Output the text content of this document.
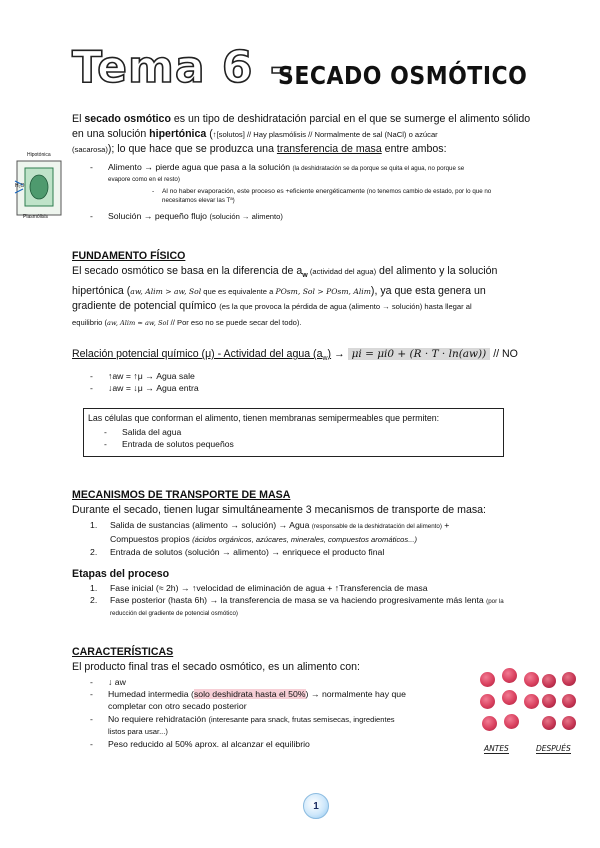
Tema 6 –
SECADO OSMÓTICO
El secado osmótico es un tipo de deshidratación parcial en el que se sumerge el alimento sólido
en una solución hipertónica (↑[solutos] // Hay plasmólisis // Normalmente de sal (NaCl) o azúcar
(sacarosa)); lo que hace que se produzca una transferencia de masa entre ambos:
Hipotónica
H₂O
Plasmólisis
- Alimento → pierde agua que pasa a la solución (la deshidratación se da porque se quita el agua, no porque se
evapore como en el resto)
- Al no haber evaporación, este proceso es +eficiente energéticamente (no tenemos cambio de estado, por lo que no
necesitamos elevar las Tª)
- Solución → pequeño flujo (solución → alimento)
FUNDAMENTO FÍSICO
El secado osmótico se basa en la diferencia de $a_w$ (actividad del agua) del alimento y la solución
hipertónica (aw, Alim > aw, Sol que es equivalente a POsm, Sol > POsm, Alim), ya que esta genera un
gradiente de potencial químico (es la que provoca la pérdida de agua (alimento → solución) hasta llegar al
equilibrio (aw, Alim ≈ aw, Sol // Por eso no se puede secar del todo).
Relación potencial químico (μ) - Actividad del agua $(a_w) \to \mu i = \mu i0 + (R \cdot T \cdot \ln(aw))$ // NO
- ↑aw = ↑μ → Agua sale
- ↓aw = ↓μ → Agua entra
Las células que conforman el alimento, tienen membranas semipermeables que permiten:
- Salida del agua
- Entrada de solutos pequeños
MECANISMOS DE TRANSPORTE DE MASA
Durante el secado, tienen lugar simultáneamente 3 mecanismos de transporte de masa:
1. Salida de sustancias (alimento → solución) → Agua (responsable de la deshidratación del alimento) +
Compuestos propios (ácidos orgánicos, azúcares, minerales, compuestos aromáticos...)
2. Entrada de solutos (solución → alimento) → enriquece el producto final
Etapas del proceso
1. Fase inicial (≈ 2h) → ↑velocidad de eliminación de agua + ↑Transferencia de masa
2. Fase posterior (hasta 6h) → la transferencia de masa se va haciendo progresivamente más lenta (por la
reducción del gradiente de potencial osmótico)
CARACTERÍSTICAS
El producto final tras el secado osmótico, es un alimento con:
- ↓ aw
- Humedad intermedia (solo deshidrata hasta el 50%) → normalmente hay que
completar con otro secado posterior
- No requiere rehidratación (interesante para snack, frutas semisecas, ingredientes
listos para usar...)
- Peso reducido al 50% aprox. al alcanzar el equilibrio	ANTES	DESPUÉS
1
